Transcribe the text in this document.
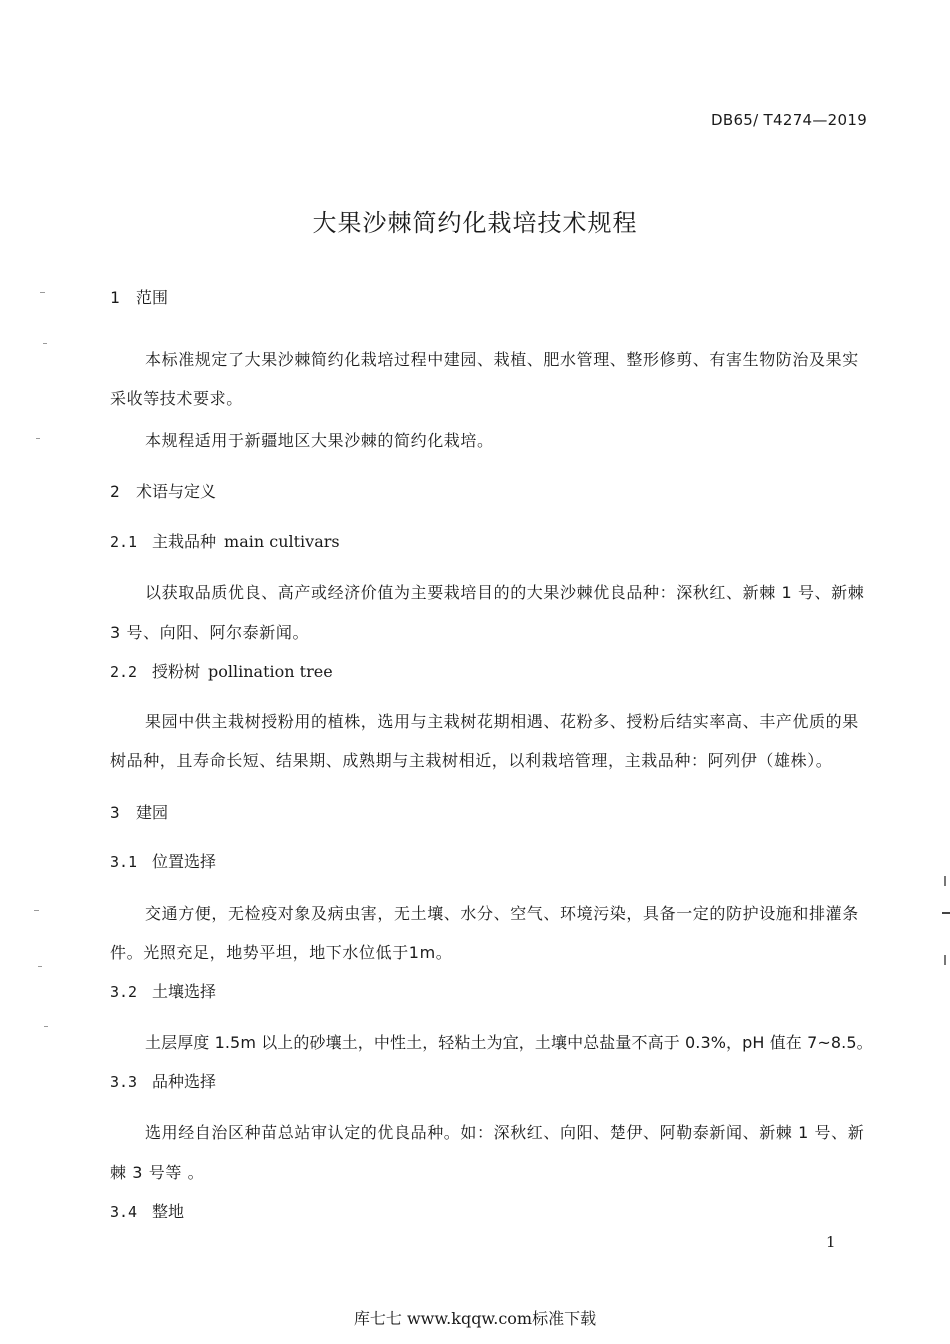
DB65/ T4274—2019
大果沙棘简约化栽培技术规程
1 范围
本标准规定了大果沙棘简约化栽培过程中建园、栽植、肥水管理、整形修剪、有害生物防治及果实
采收等技术要求。
本规程适用于新疆地区大果沙棘的简约化栽培。
2 术语与定义
2.1 主栽品种 main cultivars
以获取品质优良、高产或经济价值为主要栽培目的的大果沙棘优良品种：深秋红、新棘 1 号、新棘
3 号、向阳、阿尔泰新闻。
2.2 授粉树 pollination tree
果园中供主栽树授粉用的植株，选用与主栽树花期相遇、花粉多、授粉后结实率高、丰产优质的果
树品种，且寿命长短、结果期、成熟期与主栽树相近，以利栽培管理，主栽品种：阿列伊（雄株）。
3 建园
3.1 位置选择
交通方便，无检疫对象及病虫害，无土壤、水分、空气、环境污染，具备一定的防护设施和排灌条
件。光照充足，地势平坦，地下水位低于1m。
3.2 土壤选择
土层厚度 1.5m 以上的砂壤土，中性土，轻粘土为宜，土壤中总盐量不高于 0.3%，pH 值在 7~8.5。
3.3 品种选择
选用经自治区种苗总站审认定的优良品种。如：深秋红、向阳、楚伊、阿勒泰新闻、新棘 1 号、新
棘 3 号等 。
3.4 整地
1
库七七 www.kqqw.com标准下载
